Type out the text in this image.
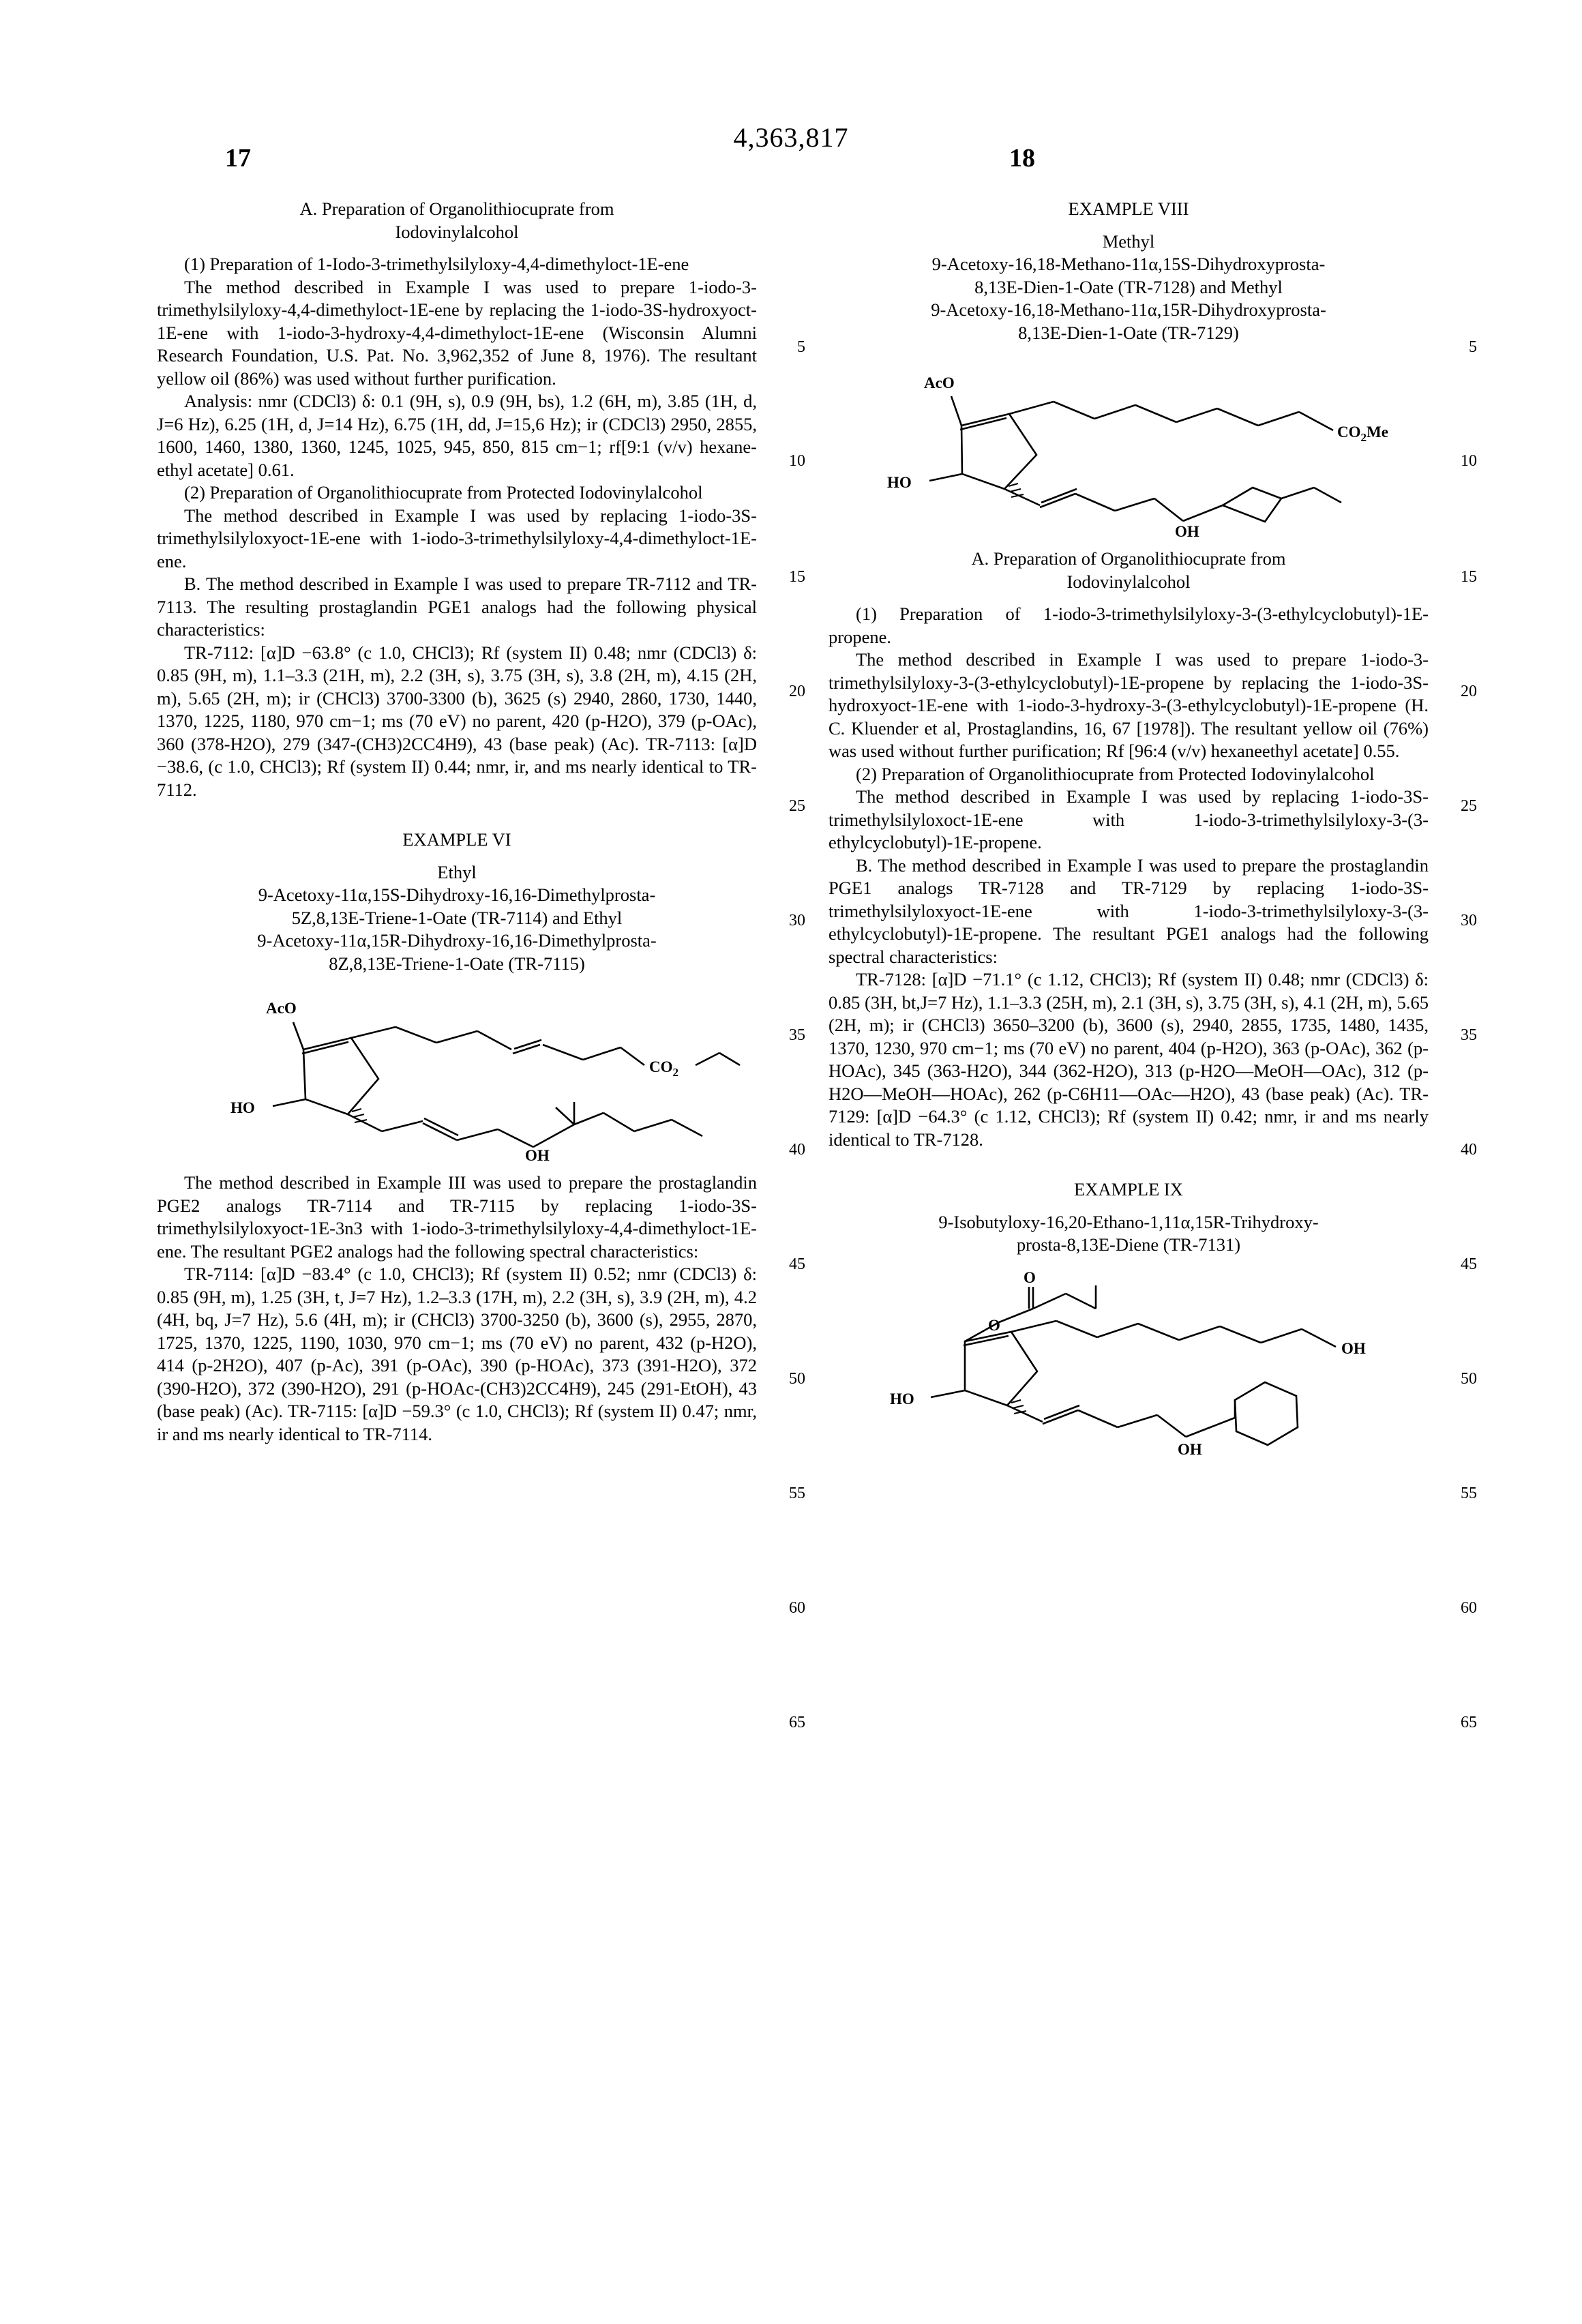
4,363,817
17	18
A. Preparation of Organolithiocuprate from
Iodovinylalcohol
(1) Preparation of 1-Iodo-3-trimethylsilyloxy-4,4-dimethyloct-1E-ene
The method described in Example I was used to prepare 1-iodo-3-trimethylsilyloxy-4,4-dimethyloct-1E-ene by replacing the 1-iodo-3S-hydroxyoct-1E-ene with 1-iodo-3-hydroxy-4,4-dimethyloct-1E-ene (Wisconsin Alumni Research Foundation, U.S. Pat. No. 3,962,352 of June 8, 1976). The resultant yellow oil (86%) was used without further purification.
Analysis: nmr (CDCl3) δ: 0.1 (9H, s), 0.9 (9H, bs), 1.2 (6H, m), 3.85 (1H, d, J=6 Hz), 6.25 (1H, d, J=14 Hz), 6.75 (1H, dd, J=15,6 Hz); ir (CDCl3) 2950, 2855, 1600, 1460, 1380, 1360, 1245, 1025, 945, 850, 815 cm−1; rf[9:1 (v/v) hexane-ethyl acetate] 0.61.
(2) Preparation of Organolithiocuprate from Protected Iodovinylalcohol
The method described in Example I was used by replacing 1-iodo-3S-trimethylsilyloxyoct-1E-ene with 1-iodo-3-trimethylsilyloxy-4,4-dimethyloct-1E-ene.
B. The method described in Example I was used to prepare TR-7112 and TR-7113. The resulting prostaglandin PGE1 analogs had the following physical characteristics:
TR-7112: [α]D −63.8° (c 1.0, CHCl3); Rf (system II) 0.48; nmr (CDCl3) δ: 0.85 (9H, m), 1.1–3.3 (21H, m), 2.2 (3H, s), 3.75 (3H, s), 3.8 (2H, m), 4.15 (2H, m), 5.65 (2H, m); ir (CHCl3) 3700-3300 (b), 3625 (s) 2940, 2860, 1730, 1440, 1370, 1225, 1180, 970 cm−1; ms (70 eV) no parent, 420 (p-H2O), 379 (p-OAc), 360 (378-H2O), 279 (347-(CH3)2CC4H9), 43 (base peak) (Ac). TR-7113: [α]D −38.6, (c 1.0, CHCl3); Rf (system II) 0.44; nmr, ir, and ms nearly identical to TR-7112.
EXAMPLE VI
Ethyl
9-Acetoxy-11α,15S-Dihydroxy-16,16-Dimethylprosta-
5Z,8,13E-Triene-1-Oate (TR-7114) and Ethyl
9-Acetoxy-11α,15R-Dihydroxy-16,16-Dimethylprosta-
8Z,8,13E-Triene-1-Oate (TR-7115)
AcO
HO
OH
$CO_2$
The method described in Example III was used to prepare the prostaglandin PGE2 analogs TR-7114 and TR-7115 by replacing 1-iodo-3S-trimethylsilyloxyoct-1E-3n3 with 1-iodo-3-trimethylsilyloxy-4,4-dimethyloct-1E-ene. The resultant PGE2 analogs had the following spectral characteristics:
TR-7114: [α]D −83.4° (c 1.0, CHCl3); Rf (system II) 0.52; nmr (CDCl3) δ: 0.85 (9H, m), 1.25 (3H, t, J=7 Hz), 1.2–3.3 (17H, m), 2.2 (3H, s), 3.9 (2H, m), 4.2 (4H, bq, J=7 Hz), 5.6 (4H, m); ir (CHCl3) 3700-3250 (b), 3600 (s), 2955, 2870, 1725, 1370, 1225, 1190, 1030, 970 cm−1; ms (70 eV) no parent, 432 (p-H2O), 414 (p-2H2O), 407 (p-Ac), 391 (p-OAc), 390 (p-HOAc), 373 (391-H2O), 372 (390-H2O), 372 (390-H2O), 291 (p-HOAc-(CH3)2CC4H9), 245 (291-EtOH), 43 (base peak) (Ac). TR-7115: [α]D −59.3° (c 1.0, CHCl3); Rf (system II) 0.47; nmr, ir and ms nearly identical to TR-7114.
5
10
15
20
25
30
35
40
45
50
55
60
65
EXAMPLE VIII
Methyl
9-Acetoxy-16,18-Methano-11α,15S-Dihydroxyprosta-
8,13E-Dien-1-Oate (TR-7128) and Methyl
9-Acetoxy-16,18-Methano-11α,15R-Dihydroxyprosta-
8,13E-Dien-1-Oate (TR-7129)
AcO
HO
OH
$CO_2Me$
A. Preparation of Organolithiocuprate from
Iodovinylalcohol
(1) Preparation of 1-iodo-3-trimethylsilyloxy-3-(3-ethylcyclobutyl)-1E-propene.
The method described in Example I was used to prepare 1-iodo-3-trimethylsilyloxy-3-(3-ethylcyclobutyl)-1E-propene by replacing the 1-iodo-3S-hydroxyoct-1E-ene with 1-iodo-3-hydroxy-3-(3-ethylcyclobutyl)-1E-propene (H. C. Kluender et al, Prostaglandins, 16, 67 [1978]). The resultant yellow oil (76%) was used without further purification; Rf [96:4 (v/v) hexaneethyl acetate] 0.55.
(2) Preparation of Organolithiocuprate from Protected Iodovinylalcohol
The method described in Example I was used by replacing 1-iodo-3S-trimethylsilyloxoct-1E-ene with 1-iodo-3-trimethylsilyloxy-3-(3-ethylcyclobutyl)-1E-propene.
B. The method described in Example I was used to prepare the prostaglandin PGE1 analogs TR-7128 and TR-7129 by replacing 1-iodo-3S-trimethylsilyloxyoct-1E-ene with 1-iodo-3-trimethylsilyloxy-3-(3-ethylcyclobutyl)-1E-propene. The resultant PGE1 analogs had the following spectral characteristics:
TR-7128: [α]D −71.1° (c 1.12, CHCl3); Rf (system II) 0.48; nmr (CDCl3) δ: 0.85 (3H, bt,J=7 Hz), 1.1–3.3 (25H, m), 2.1 (3H, s), 3.75 (3H, s), 4.1 (2H, m), 5.65 (2H, m); ir (CHCl3) 3650–3200 (b), 3600 (s), 2940, 2855, 1735, 1480, 1435, 1370, 1230, 970 cm−1; ms (70 eV) no parent, 404 (p-H2O), 363 (p-OAc), 362 (p-HOAc), 345 (363-H2O), 344 (362-H2O), 313 (p-H2O—MeOH—OAc), 312 (p-H2O—MeOH—HOAc), 262 (p-C6H11—OAc—H2O), 43 (base peak) (Ac). TR-7129: [α]D −64.3° (c 1.12, CHCl3); Rf (system II) 0.42; nmr, ir and ms nearly identical to TR-7128.
EXAMPLE IX
9-Isobutyloxy-16,20-Ethano-1,11α,15R-Trihydroxy-
prosta-8,13E-Diene (TR-7131)
O
O
HO
OH
OH
5
10
15
20
25
30
35
40
45
50
55
60
65
